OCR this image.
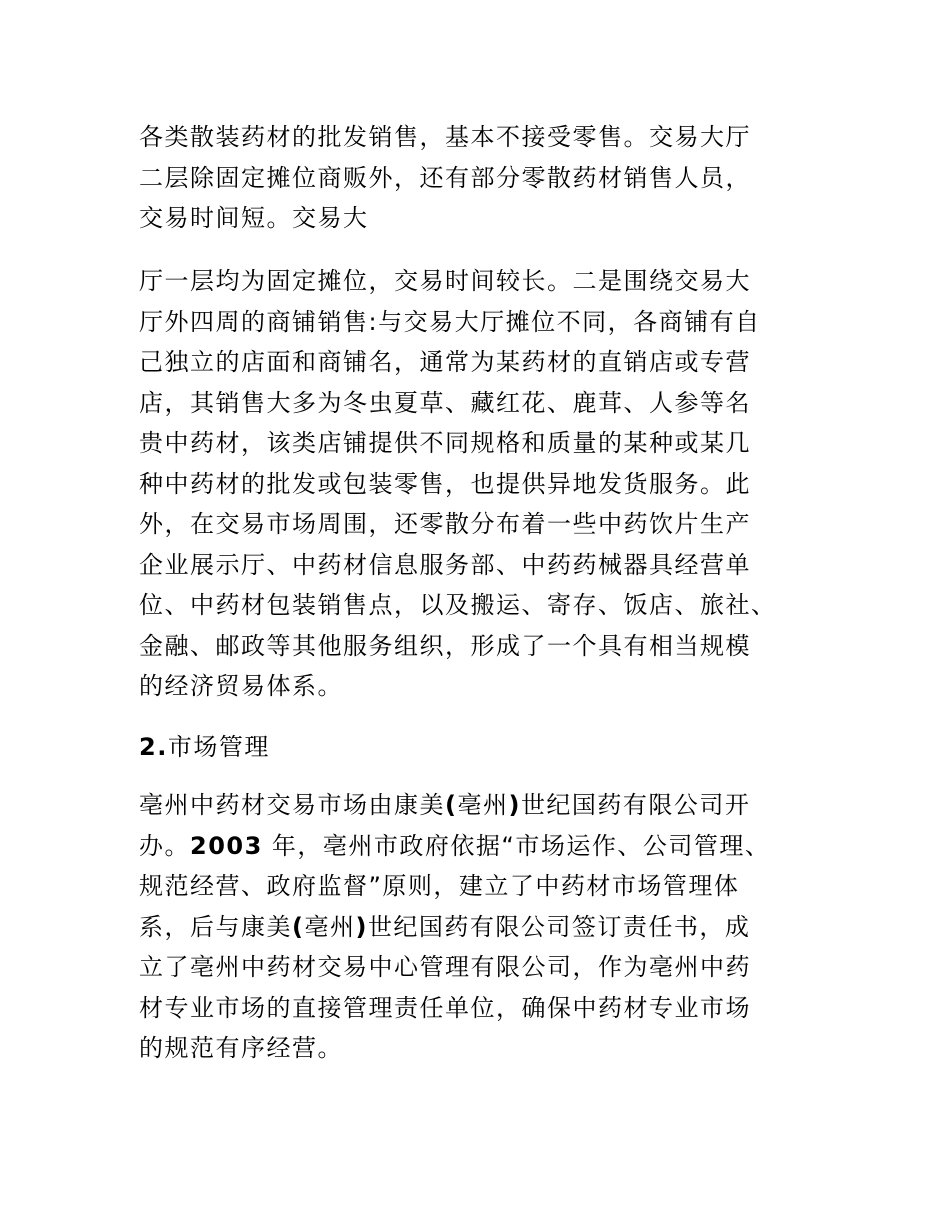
各类散装药材的批发销售，基本不接受零售。交易大厅
二层除固定摊位商贩外，还有部分零散药材销售人员，
交易时间短。交易大
厅一层均为固定摊位，交易时间较长。二是围绕交易大
厅外四周的商铺销售:与交易大厅摊位不同，各商铺有自
己独立的店面和商铺名，通常为某药材的直销店或专营
店，其销售大多为冬虫夏草、藏红花、鹿茸、人参等名
贵中药材，该类店铺提供不同规格和质量的某种或某几
种中药材的批发或包装零售，也提供异地发货服务。此
外，在交易市场周围，还零散分布着一些中药饮片生产
企业展示厅、中药材信息服务部、中药药械器具经营单
位、中药材包装销售点，以及搬运、寄存、饭店、旅社、
金融、邮政等其他服务组织，形成了一个具有相当规模
的经济贸易体系。
2.市场管理
亳州中药材交易市场由康美(亳州)世纪国药有限公司开
办。2003 年，亳州市政府依据“市场运作、公司管理、
规范经营、政府监督”原则，建立了中药材市场管理体
系，后与康美(亳州)世纪国药有限公司签订责任书，成
立了亳州中药材交易中心管理有限公司，作为亳州中药
材专业市场的直接管理责任单位，确保中药材专业市场
的规范有序经营。
